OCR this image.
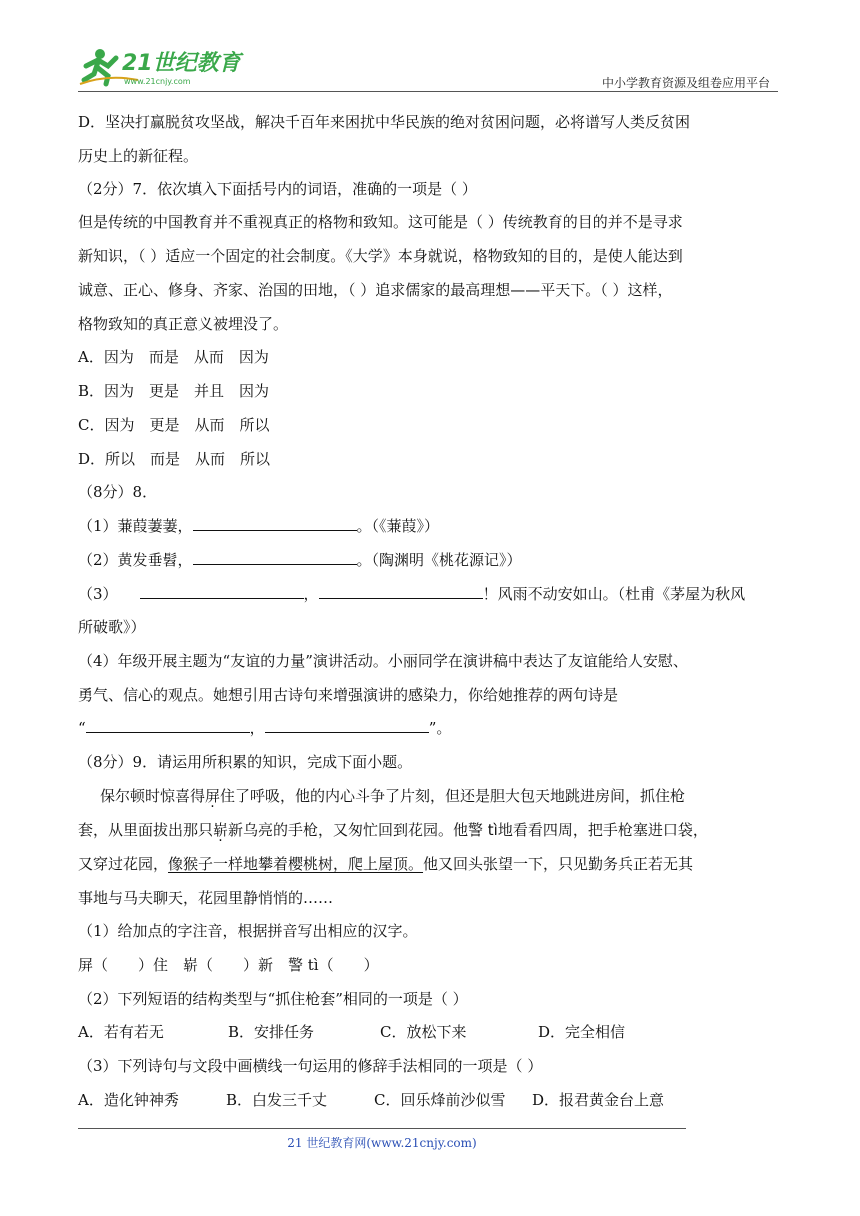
21世纪教育
www.21cnjy.com	中小学教育资源及组卷应用平台
D．坚决打赢脱贫攻坚战，解决千百年来困扰中华民族的绝对贫困问题，必将谱写人类反贫困
历史上的新征程。
（2分）7．依次填入下面括号内的词语，准确的一项是（ ）
但是传统的中国教育并不重视真正的格物和致知。这可能是（ ）传统教育的目的并不是寻求
新知识，（ ）适应一个固定的社会制度。《大学》本身就说，格物致知的目的，是使人能达到
诚意、正心、修身、齐家、治国的田地，（ ）追求儒家的最高理想——平天下。（ ）这样，
格物致知的真正意义被埋没了。
A．因为　而是　从而　因为
B．因为　更是　并且　因为
C．因为　更是　从而　所以
D．所以　而是　从而　所以
（8分）8．
（1）蒹葭萋萋，	。（《蒹葭》）
（2）黄发垂髫，	。（陶渊明《桃花源记》）
（3）	，	！风雨不动安如山。（杜甫《茅屋为秋风
所破歌》）
（4）年级开展主题为“友谊的力量”演讲活动。小丽同学在演讲稿中表达了友谊能给人安慰、
勇气、信心的观点。她想引用古诗句来增强演讲的感染力，你给她推荐的两句诗是
“	，	”。
（8分）9．请运用所积累的知识，完成下面小题。
保尔顿时惊喜得屏住了呼吸，他的内心斗争了片刻，但还是胆大包天地跳进房间，抓住枪
套，从里面拔出那只崭新乌亮的手枪，又匆忙回到花园。他警 tì地看看四周，把手枪塞进口袋，
又穿过花园，像猴子一样地攀着樱桃树，爬上屋顶。他又回头张望一下，只见勤务兵正若无其
事地与马夫聊天，花园里静悄悄的……
（1）给加点的字注音，根据拼音写出相应的汉字。
屏（　　）住　崭（　　）新　警 tì（　　）
（2）下列短语的结构类型与“抓住枪套”相同的一项是（ ）
A．若有若无	B．安排任务	C．放松下来	D．完全相信
（3）下列诗句与文段中画横线一句运用的修辞手法相同的一项是（ ）
A．造化钟神秀	B．白发三千丈	C．回乐烽前沙似雪 D．报君黄金台上意
21 世纪教育网(www.21cnjy.com)
